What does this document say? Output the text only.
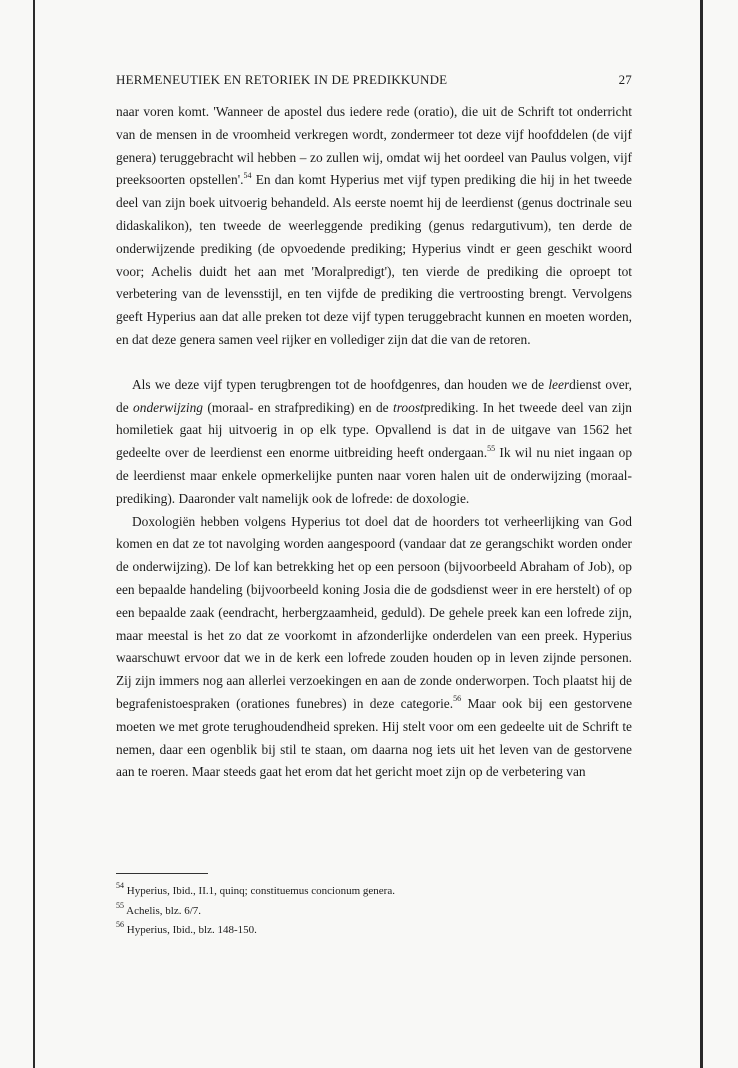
HERMENEUTIEK EN RETORIEK IN DE PREDIKKUNDE	27

naar voren komt. 'Wanneer de apostel dus iedere rede (oratio), die uit de Schrift tot onderricht van de mensen in de vroomheid verkregen wordt, zondermeer tot deze vijf hoofddelen (de vijf genera) teruggebracht wil hebben – zo zullen wij, omdat wij het oordeel van Paulus volgen, vijf preeksoorten opstellen'.$^{54}$ En dan komt Hyperius met vijf typen prediking die hij in het tweede deel van zijn boek uitvoerig behandeld. Als eerste noemt hij de leerdienst (genus doctrinale seu didaskalikon), ten tweede de weerleggende prediking (genus redargutivum), ten derde de onderwijzende prediking (de opvoedende prediking; Hyperius vindt er geen geschikt woord voor; Achelis duidt het aan met 'Moralpredigt'), ten vierde de prediking die oproept tot verbetering van de levensstijl, en ten vijfde de prediking die vertroosting brengt. Vervolgens geeft Hyperius aan dat alle preken tot deze vijf typen teruggebracht kunnen en moeten worden, en dat deze genera samen veel rijker en vollediger zijn dat die van de retoren.

Als we deze vijf typen terugbrengen tot de hoofdgenres, dan houden we de leerdienst over, de onderwijzing (moraal- en strafprediking) en de troostprediking. In het tweede deel van zijn homiletiek gaat hij uitvoerig in op elk type. Opvallend is dat in de uitgave van 1562 het gedeelte over de leerdienst een enorme uitbreiding heeft ondergaan.$^{55}$ Ik wil nu niet ingaan op de leerdienst maar enkele opmerkelijke punten naar voren halen uit de onderwijzing (moraal-prediking). Daaronder valt namelijk ook de lofrede: de doxologie.

Doxologiën hebben volgens Hyperius tot doel dat de hoorders tot verheerlijking van God komen en dat ze tot navolging worden aangespoord (vandaar dat ze gerangschikt worden onder de onderwijzing). De lof kan betrekking het op een persoon (bijvoorbeeld Abraham of Job), op een bepaalde handeling (bijvoorbeeld koning Josia die de godsdienst weer in ere herstelt) of op een bepaalde zaak (eendracht, herbergzaamheid, geduld). De gehele preek kan een lofrede zijn, maar meestal is het zo dat ze voorkomt in afzonderlijke onderdelen van een preek. Hyperius waarschuwt ervoor dat we in de kerk een lofrede zouden houden op in leven zijnde personen. Zij zijn immers nog aan allerlei verzoekingen en aan de zonde onderworpen. Toch plaatst hij de begrafenistoespraken (orationes funebres) in deze categorie.$^{56}$ Maar ook bij een gestorvene moeten we met grote terughoudendheid spreken. Hij stelt voor om een gedeelte uit de Schrift te nemen, daar een ogenblik bij stil te staan, om daarna nog iets uit het leven van de gestorvene aan te roeren. Maar steeds gaat het erom dat het gericht moet zijn op de verbetering van

$^{54}$ Hyperius, Ibid., II.1, quinq; constituemus concionum genera.
$^{55}$ Achelis, blz. 6/7.
$^{56}$ Hyperius, Ibid., blz. 148-150.
